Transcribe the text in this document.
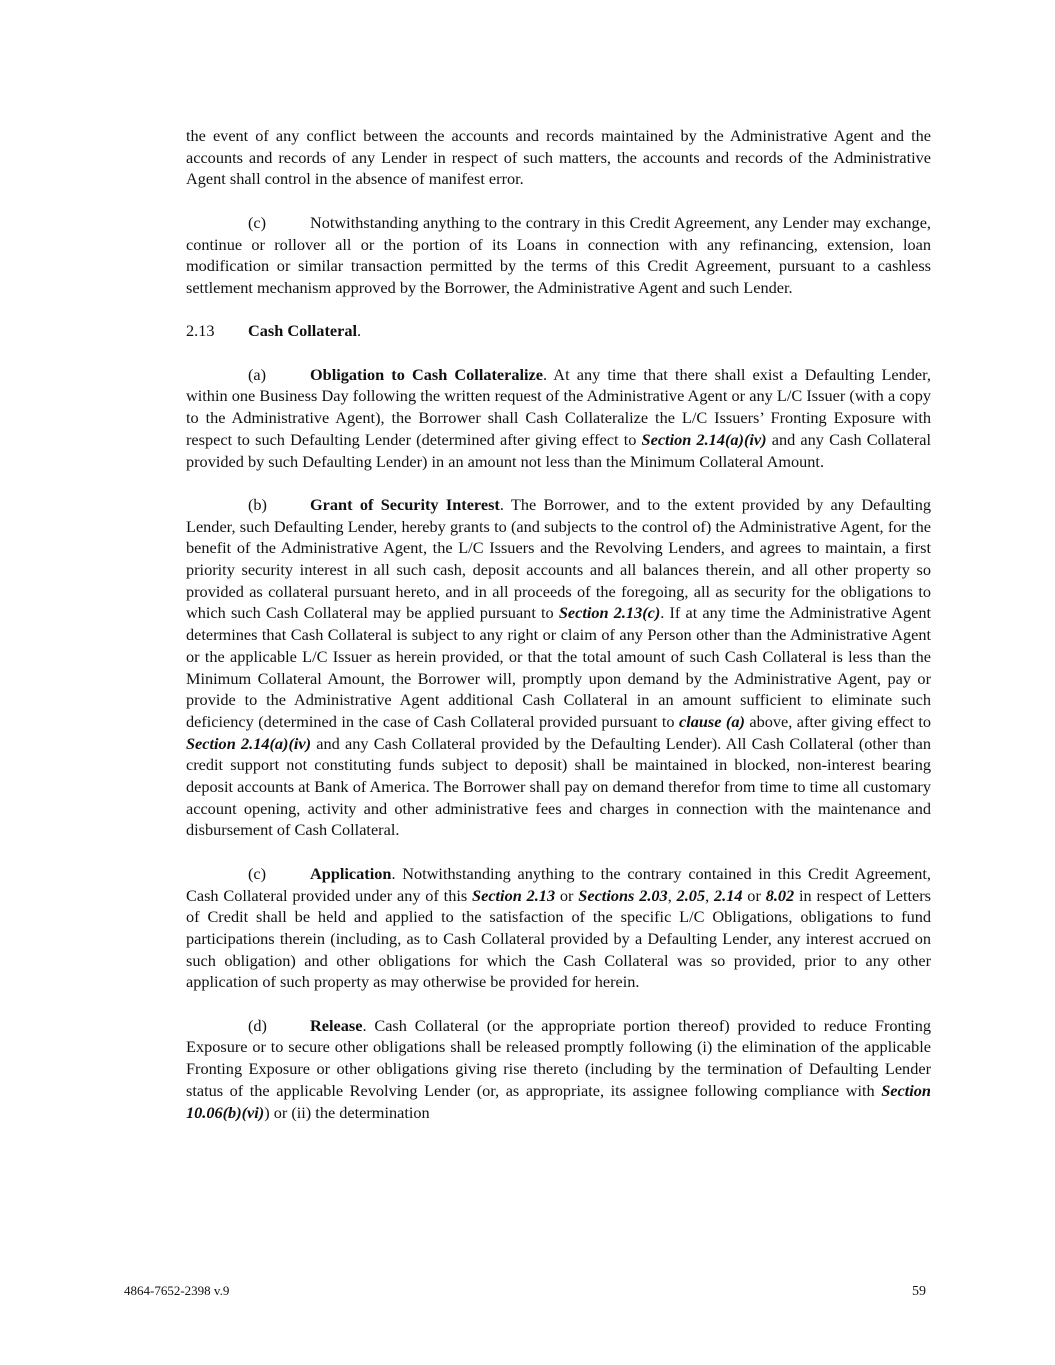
the event of any conflict between the accounts and records maintained by the Administrative Agent and the accounts and records of any Lender in respect of such matters, the accounts and records of the Administrative Agent shall control in the absence of manifest error.

(c)	Notwithstanding anything to the contrary in this Credit Agreement, any Lender may exchange, continue or rollover all or the portion of its Loans in connection with any refinancing, extension, loan modification or similar transaction permitted by the terms of this Credit Agreement, pursuant to a cashless settlement mechanism approved by the Borrower, the Administrative Agent and such Lender.

2.13 Cash Collateral.

(a)	Obligation to Cash Collateralize. At any time that there shall exist a Defaulting Lender, within one Business Day following the written request of the Administrative Agent or any L/C Issuer (with a copy to the Administrative Agent), the Borrower shall Cash Collateralize the L/C Issuers’ Fronting Exposure with respect to such Defaulting Lender (determined after giving effect to Section 2.14(a)(iv) and any Cash Collateral provided by such Defaulting Lender) in an amount not less than the Minimum Collateral Amount.

(b)	Grant of Security Interest. The Borrower, and to the extent provided by any Defaulting Lender, such Defaulting Lender, hereby grants to (and subjects to the control of) the Administrative Agent, for the benefit of the Administrative Agent, the L/C Issuers and the Revolving Lenders, and agrees to maintain, a first priority security interest in all such cash, deposit accounts and all balances therein, and all other property so provided as collateral pursuant hereto, and in all proceeds of the foregoing, all as security for the obligations to which such Cash Collateral may be applied pursuant to Section 2.13(c). If at any time the Administrative Agent determines that Cash Collateral is subject to any right or claim of any Person other than the Administrative Agent or the applicable L/C Issuer as herein provided, or that the total amount of such Cash Collateral is less than the Minimum Collateral Amount, the Borrower will, promptly upon demand by the Administrative Agent, pay or provide to the Administrative Agent additional Cash Collateral in an amount sufficient to eliminate such deficiency (determined in the case of Cash Collateral provided pursuant to clause (a) above, after giving effect to Section 2.14(a)(iv) and any Cash Collateral provided by the Defaulting Lender). All Cash Collateral (other than credit support not constituting funds subject to deposit) shall be maintained in blocked, non-interest bearing deposit accounts at Bank of America. The Borrower shall pay on demand therefor from time to time all customary account opening, activity and other administrative fees and charges in connection with the maintenance and disbursement of Cash Collateral.

(c)	Application. Notwithstanding anything to the contrary contained in this Credit Agreement, Cash Collateral provided under any of this Section 2.13 or Sections 2.03, 2.05, 2.14 or 8.02 in respect of Letters of Credit shall be held and applied to the satisfaction of the specific L/C Obligations, obligations to fund participations therein (including, as to Cash Collateral provided by a Defaulting Lender, any interest accrued on such obligation) and other obligations for which the Cash Collateral was so provided, prior to any other application of such property as may otherwise be provided for herein.

(d)	Release. Cash Collateral (or the appropriate portion thereof) provided to reduce Fronting Exposure or to secure other obligations shall be released promptly following (i) the elimination of the applicable Fronting Exposure or other obligations giving rise thereto (including by the termination of Defaulting Lender status of the applicable Revolving Lender (or, as appropriate, its assignee following compliance with Section 10.06(b)(vi)) or (ii) the determination

4864-7652-2398 v.9	59
